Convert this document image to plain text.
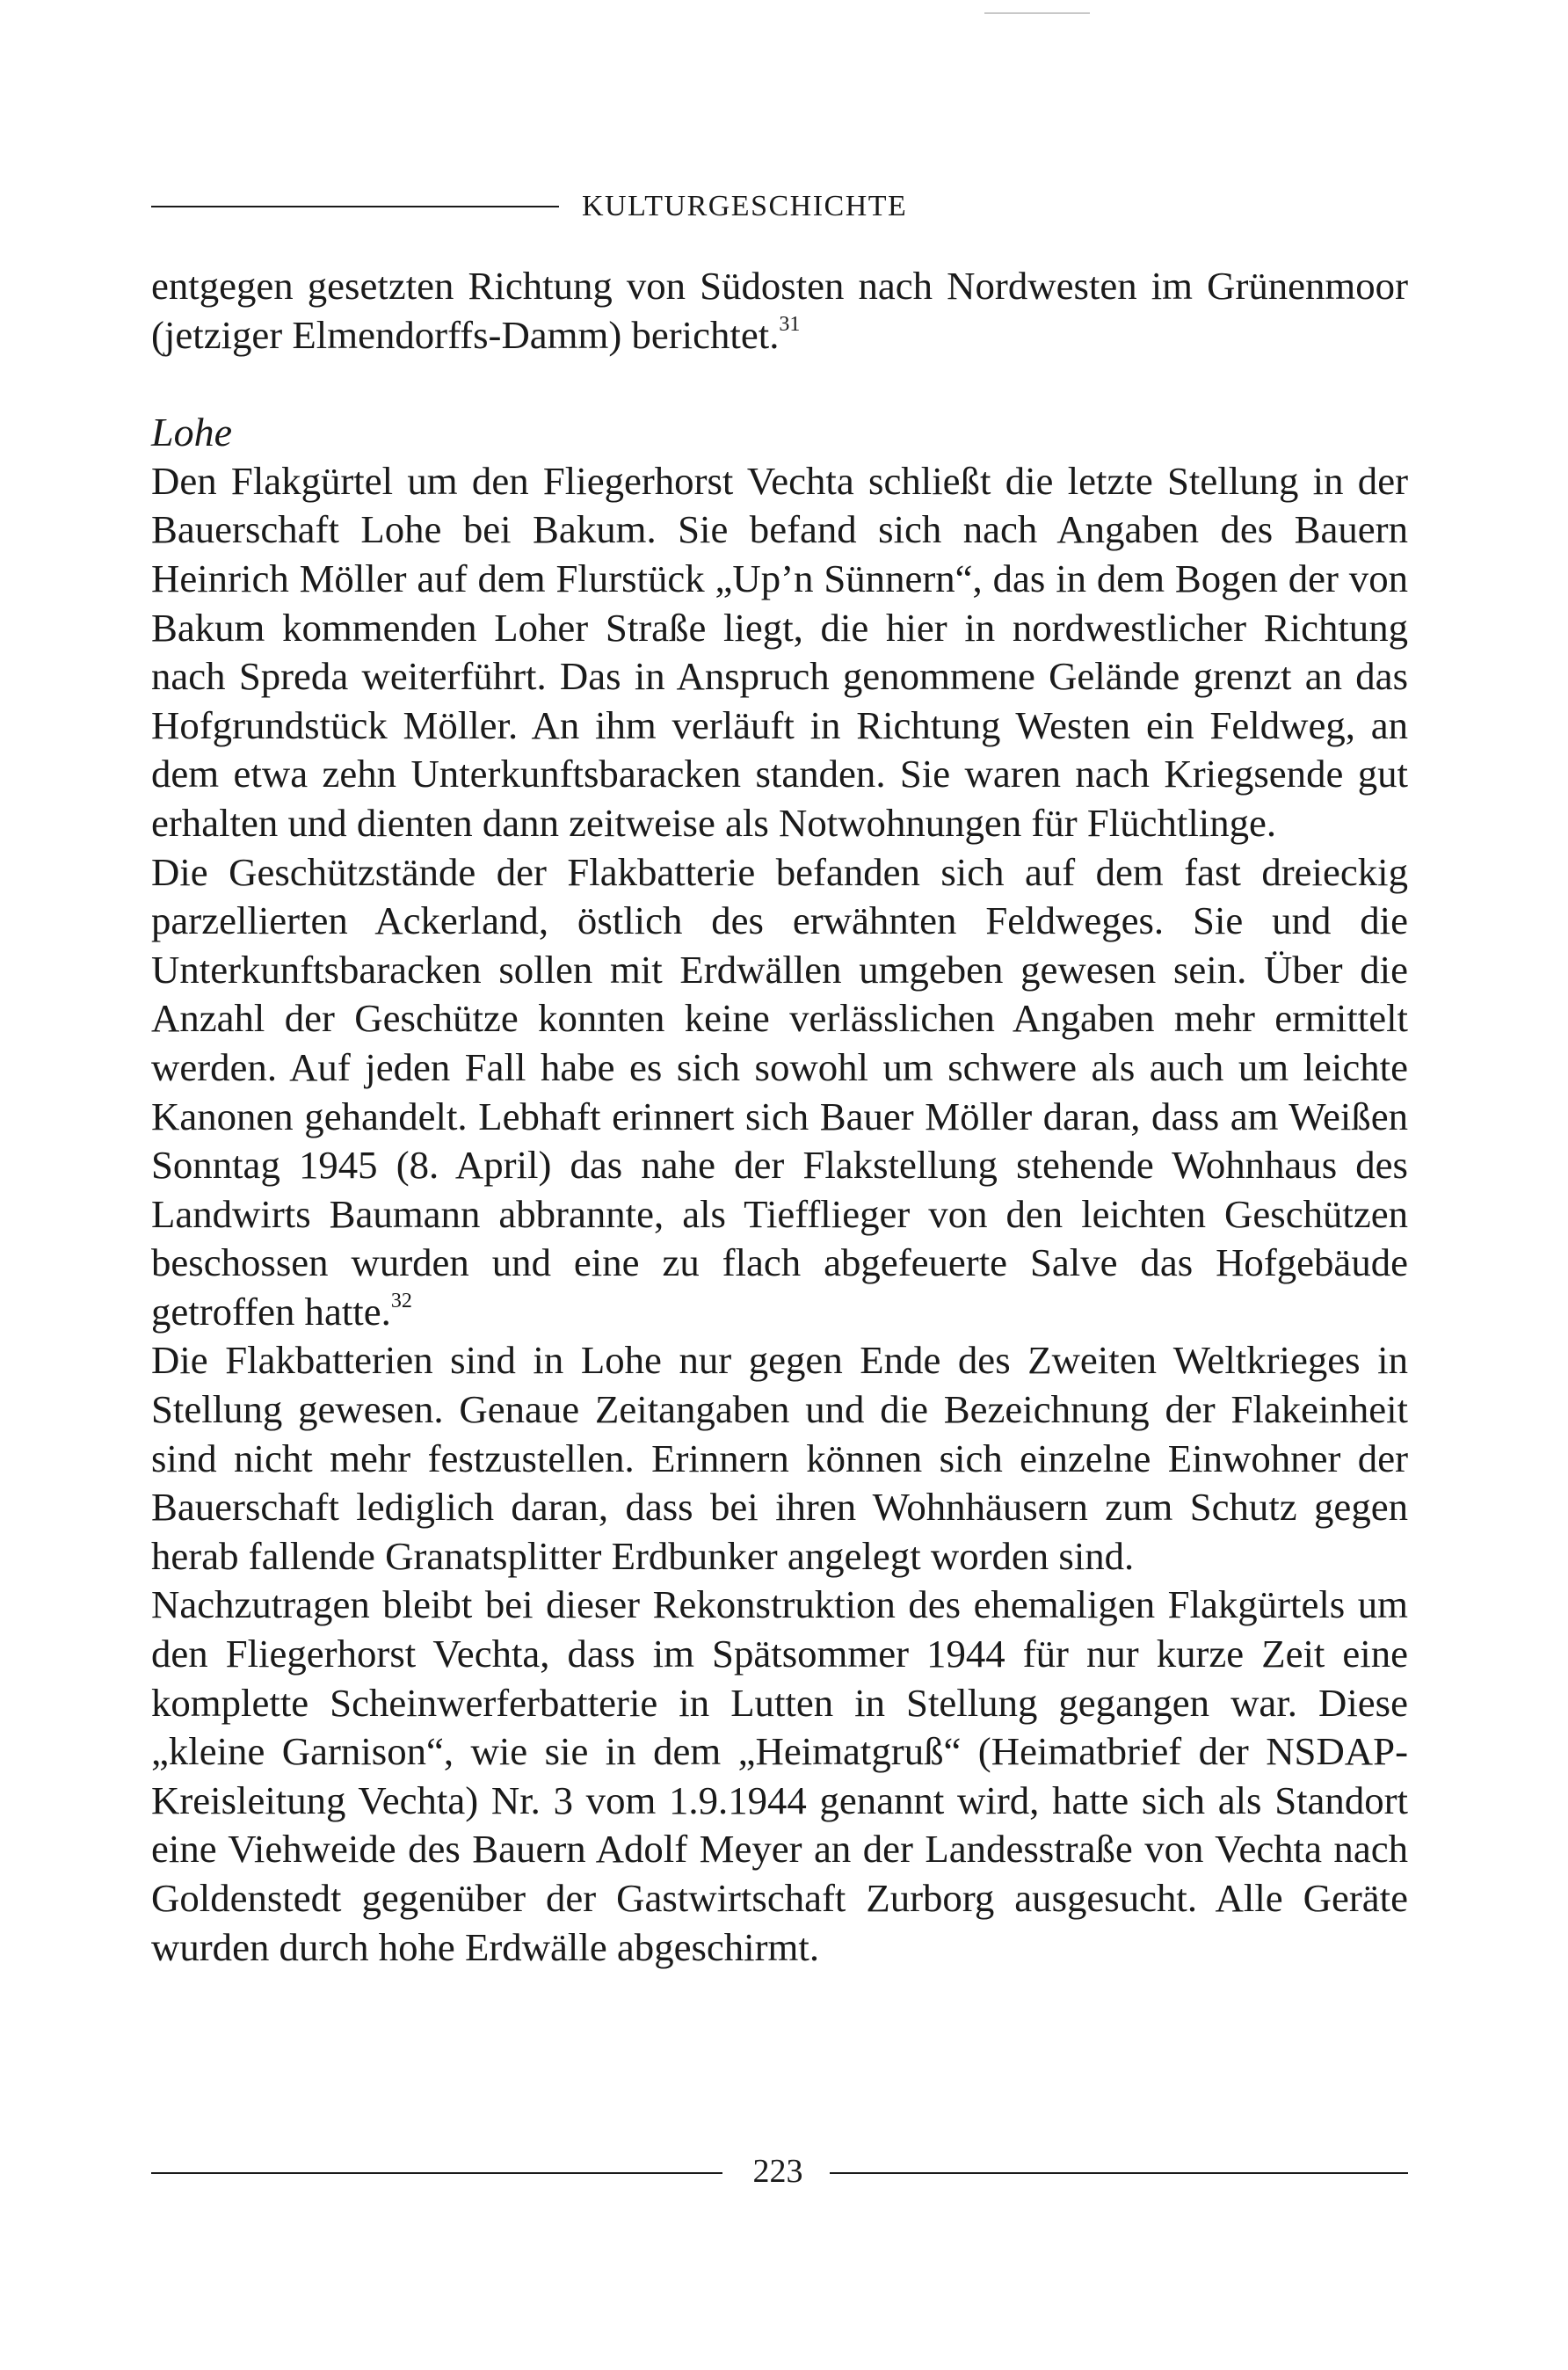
KULTURGESCHICHTE

entgegen gesetzten Richtung von Südosten nach Nordwesten im Grünenmoor (jetziger Elmendorffs-Damm) berichtet.$^{31}$

Lohe

Den Flakgürtel um den Fliegerhorst Vechta schließt die letzte Stellung in der Bauerschaft Lohe bei Bakum. Sie befand sich nach Angaben des Bauern Heinrich Möller auf dem Flurstück „Up’n Sünnern“, das in dem Bogen der von Bakum kommenden Loher Straße liegt, die hier in nordwestlicher Richtung nach Spreda weiterführt. Das in Anspruch genommene Gelände grenzt an das Hofgrundstück Möller. An ihm verläuft in Richtung Westen ein Feldweg, an dem etwa zehn Unterkunftsbaracken standen. Sie waren nach Kriegsende gut erhalten und dienten dann zeitweise als Notwohnungen für Flüchtlinge.

Die Geschützstände der Flakbatterie befanden sich auf dem fast dreieckig parzellierten Ackerland, östlich des erwähnten Feldweges. Sie und die Unterkunftsbaracken sollen mit Erdwällen umgeben gewesen sein. Über die Anzahl der Geschütze konnten keine verlässlichen Angaben mehr ermittelt werden. Auf jeden Fall habe es sich sowohl um schwere als auch um leichte Kanonen gehandelt. Lebhaft erinnert sich Bauer Möller daran, dass am Weißen Sonntag 1945 (8. April) das nahe der Flakstellung stehende Wohnhaus des Landwirts Baumann abbrannte, als Tiefflieger von den leichten Geschützen beschossen wurden und eine zu flach abgefeuerte Salve das Hofgebäude getroffen hatte.$^{32}$

Die Flakbatterien sind in Lohe nur gegen Ende des Zweiten Weltkrieges in Stellung gewesen. Genaue Zeitangaben und die Bezeichnung der Flakeinheit sind nicht mehr festzustellen. Erinnern können sich einzelne Einwohner der Bauerschaft lediglich daran, dass bei ihren Wohnhäusern zum Schutz gegen herab fallende Granatsplitter Erdbunker angelegt worden sind.

Nachzutragen bleibt bei dieser Rekonstruktion des ehemaligen Flakgürtels um den Fliegerhorst Vechta, dass im Spätsommer 1944 für nur kurze Zeit eine komplette Scheinwerferbatterie in Lutten in Stellung gegangen war. Diese „kleine Garnison“, wie sie in dem „Heimatgruß“ (Heimatbrief der NSDAP-Kreisleitung Vechta) Nr. 3 vom 1.9.1944 genannt wird, hatte sich als Standort eine Viehweide des Bauern Adolf Meyer an der Landesstraße von Vechta nach Goldenstedt gegenüber der Gastwirtschaft Zurborg ausgesucht. Alle Geräte wurden durch hohe Erdwälle abgeschirmt.

223
